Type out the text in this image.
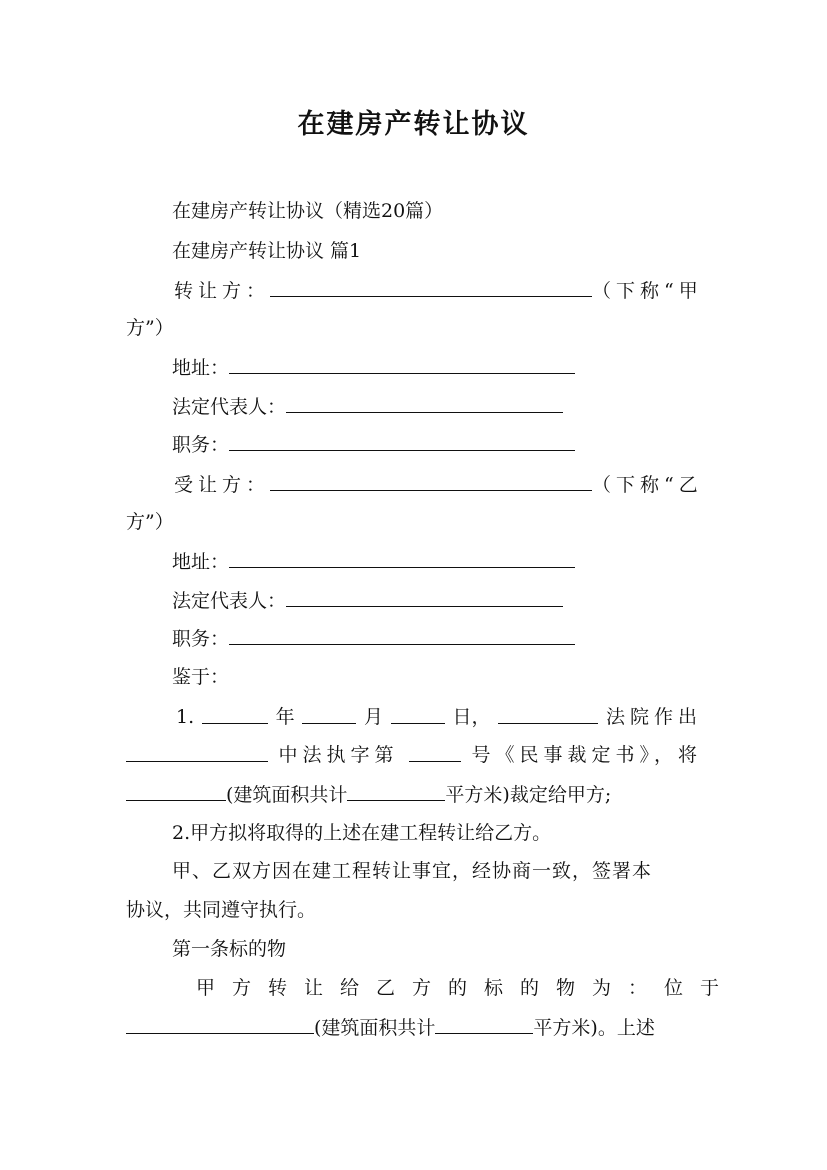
在建房产转让协议
在建房产转让协议（精选20篇）
在建房产转让协议 篇1
转让方：	（下称“甲
方”）
地址：
法定代表人：
职务：
受让方：	（下称“乙
方”）
地址：
法定代表人：
职务：
鉴于：
1.	年	月	日，	法院作出
中法执字第	号《民事裁定书》，将
(建筑面积共计	平方米)裁定给甲方;
2.甲方拟将取得的上述在建工程转让给乙方。
甲、乙双方因在建工程转让事宜，经协商一致，签署本
协议，共同遵守执行。
第一条标的物
甲方转让给乙方的标的物为：位于
(建筑面积共计	平方米)。上述
